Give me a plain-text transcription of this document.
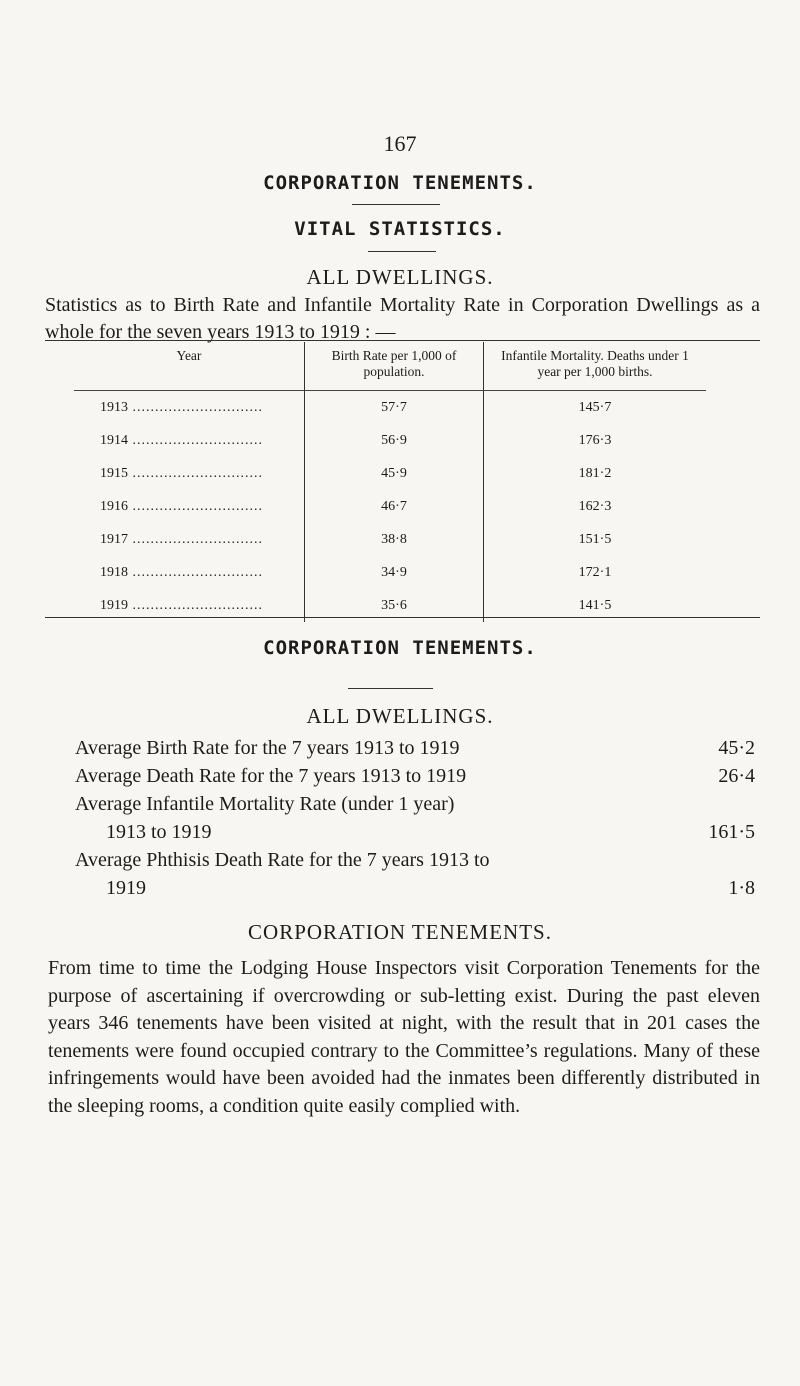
167
CORPORATION TENEMENTS.
VITAL STATISTICS.
ALL DWELLINGS.
Statistics as to Birth Rate and Infantile Mortality Rate in Corporation Dwellings as a whole for the seven years 1913 to 1919 : —
Year	Birth Rate per 1,000 of population.	Infantile Mortality. Deaths under 1 year per 1,000 births.
1913 .....	57·7	145·7
1914 .....	56·9	176·3
1915 .....	45·9	181·2
1916 .....	46·7	162·3
1917 .....	38·8	151·5
1918 .....	34·9	172·1
1919 .....	35·6	141·5
CORPORATION TENEMENTS.
ALL DWELLINGS.
Average Birth Rate for the 7 years 1913 to 1919	45·2
Average Death Rate for the 7 years 1913 to 1919	26·4
Average Infantile Mortality Rate (under 1 year)
1913 to 1919	161·5
Average Phthisis Death Rate for the 7 years 1913 to
1919	1·8
CORPORATION TENEMENTS.
From time to time the Lodging House Inspectors visit Corporation Tenements for the purpose of ascertaining if overcrowding or sub-letting exist. During the past eleven years 346 tenements have been visited at night, with the result that in 201 cases the tenements were found occupied contrary to the Committee’s regulations. Many of these infringements would have been avoided had the inmates been differently distributed in the sleeping rooms, a condition quite easily complied with.
